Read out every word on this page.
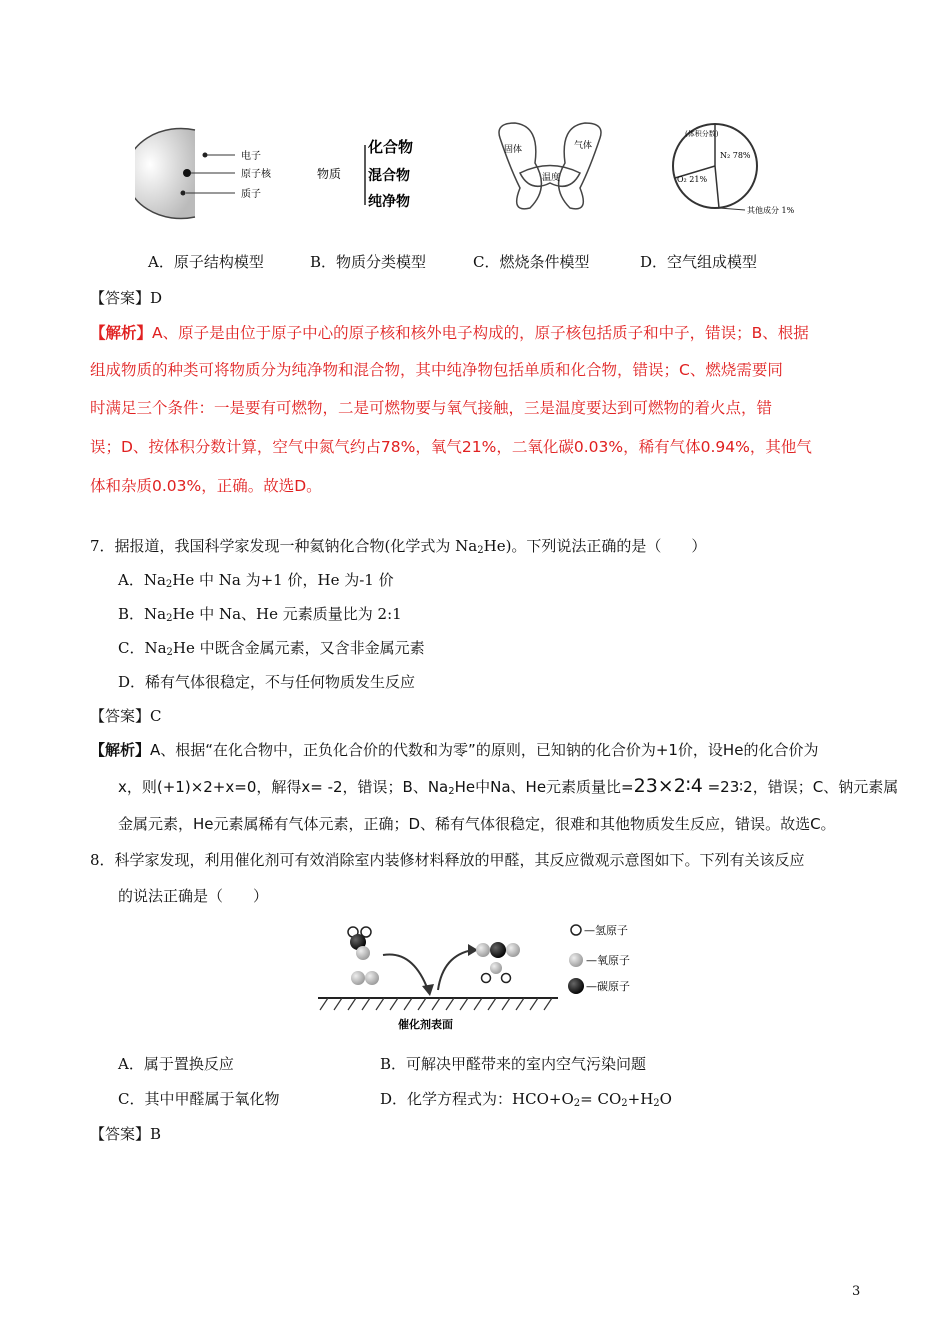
电子
原子核
质子
物质
化合物
混合物
纯净物
固体	气体
温度
(体积分数)
N₂ 78%
O₂ 21%
其他成分 1%
A．原子结构模型	B．物质分类模型	C．燃烧条件模型	D．空气组成模型
【答案】D
【解析】A、原子是由位于原子中心的原子核和核外电子构成的，原子核包括质子和中子，错误；B、根据
组成物质的种类可将物质分为纯净物和混合物，其中纯净物包括单质和化合物，错误；C、燃烧需要同
时满足三个条件：一是要有可燃物，二是可燃物要与氧气接触，三是温度要达到可燃物的着火点，错
误；D、按体积分数计算，空气中氮气约占78%，氧气21%，二氧化碳0.03%，稀有气体0.94%，其他气
体和杂质0.03%，正确。故选D。
7．据报道，我国科学家发现一种氦钠化合物(化学式为 $Na_2He$)。下列说法正确的是（　　）
A．$Na_2He$ 中 Na 为+1 价，He 为-1 价
B．$Na_2He$ 中 Na、He 元素质量比为 2:1
C．$Na_2He$ 中既含金属元素，又含非金属元素
D．稀有气体很稳定，不与任何物质发生反应
【答案】C
【解析】A、根据“在化合物中，正负化合价的代数和为零”的原则，已知钠的化合价为+1价，设He的化合价为
x，则(+1)×2+x=0，解得x= -2，错误；B、$Na_2He$中Na、He元素质量比=23×2∶4 =23∶2，错误；C、钠元素属
金属元素，He元素属稀有气体元素，正确；D、稀有气体很稳定，很难和其他物质发生反应，错误。故选C。
8．科学家发现，利用催化剂可有效消除室内装修材料释放的甲醛，其反应微观示意图如下。下列有关该反应
的说法正确是（　　）
—氢原子
—氧原子
—碳原子
催化剂表面
A．属于置换反应	B．可解决甲醛带来的室内空气污染问题
C．其中甲醛属于氧化物	D．化学方程式为：$HCO+O_2= CO_2+H_2O$
【答案】B
3
